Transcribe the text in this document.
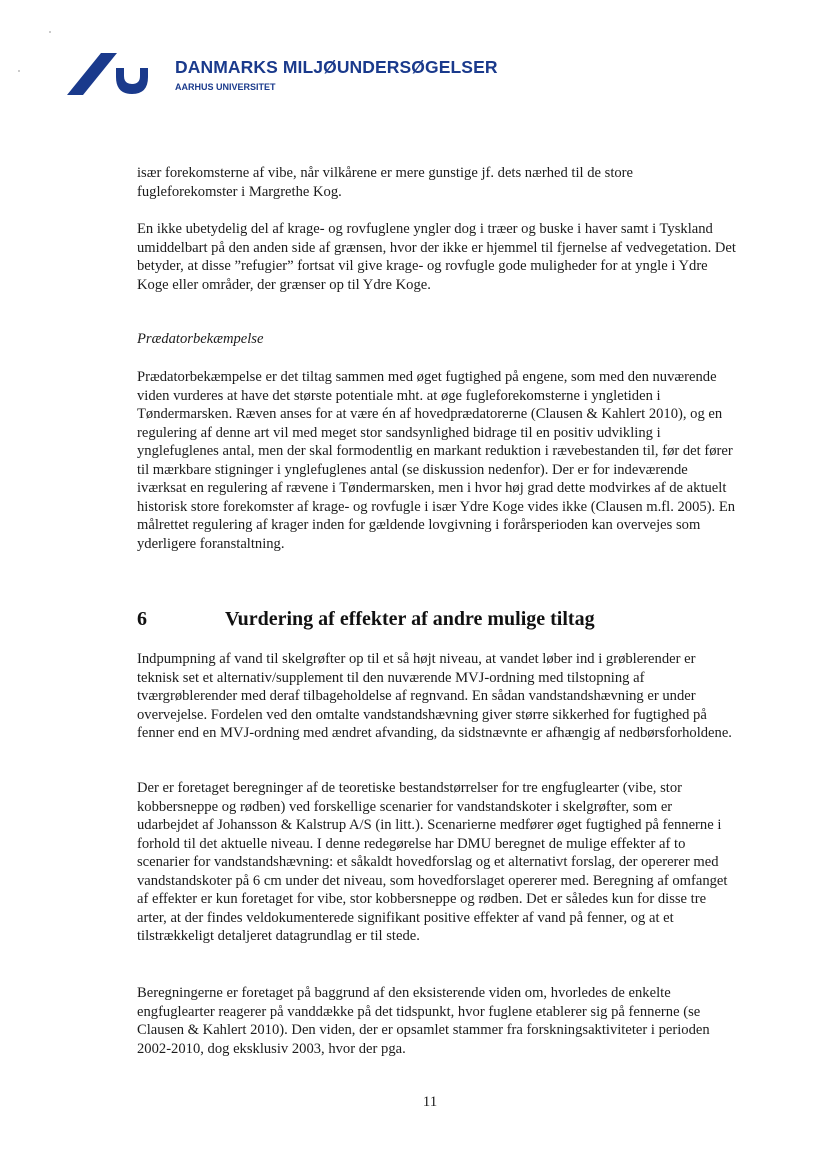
DANMARKS MILJØUNDERSØGELSER
AARHUS UNIVERSITET

især forekomsterne af vibe, når vilkårene er mere gunstige jf. dets nærhed til de store fugleforekomster i Margrethe Kog.

En ikke ubetydelig del af krage- og rovfuglene yngler dog i træer og buske i haver samt i Tyskland umiddelbart på den anden side af grænsen, hvor der ikke er hjemmel til fjernelse af vedvegetation. Det betyder, at disse ”refugier” fortsat vil give krage- og rovfugle gode muligheder for at yngle i Ydre Koge eller områder, der grænser op til Ydre Koge.

Prædatorbekæmpelse

Prædatorbekæmpelse er det tiltag sammen med øget fugtighed på engene, som med den nuværende viden vurderes at have det største potentiale mht. at øge fugleforekomsterne i yngletiden i Tøndermarsken. Ræven anses for at være én af hovedprædatorerne (Clausen & Kahlert 2010), og en regulering af denne art vil med meget stor sandsynlighed bidrage til en positiv udvikling i ynglefuglenes antal, men der skal formodentlig en markant reduktion i rævebestanden til, før det fører til mærkbare stigninger i ynglefuglenes antal (se diskussion nedenfor). Der er for indeværende iværksat en regulering af rævene i Tøndermarsken, men i hvor høj grad dette modvirkes af de aktuelt historisk store forekomster af krage- og rovfugle i især Ydre Koge vides ikke (Clausen m.fl. 2005). En målrettet regulering af krager inden for gældende lovgivning i forårsperioden kan overvejes som yderligere foranstaltning.

6	Vurdering af effekter af andre mulige tiltag

Indpumpning af vand til skelgrøfter op til et så højt niveau, at vandet løber ind i grøblerender er teknisk set et alternativ/supplement til den nuværende MVJ-ordning med tilstopning af tværgrøblerender med deraf tilbageholdelse af regnvand. En sådan vandstandshævning er under overvejelse. Fordelen ved den omtalte vandstandshævning giver større sikkerhed for fugtighed på fenner end en MVJ-ordning med ændret afvanding, da sidstnævnte er afhængig af nedbørsforholdene.

Der er foretaget beregninger af de teoretiske bestandstørrelser for tre engfuglearter (vibe, stor kobbersneppe og rødben) ved forskellige scenarier for vandstandskoter i skelgrøfter, som er udarbejdet af Johansson & Kalstrup A/S (in litt.). Scenarierne medfører øget fugtighed på fennerne i forhold til det aktuelle niveau. I denne redegørelse har DMU beregnet de mulige effekter af to scenarier for vandstandshævning: et såkaldt hovedforslag og et alternativt forslag, der opererer med vandstandskoter på 6 cm under det niveau, som hovedforslaget opererer med. Beregning af omfanget af effekter er kun foretaget for vibe, stor kobbersneppe og rødben. Det er således kun for disse tre arter, at der findes veldokumenterede signifikant positive effekter af vand på fenner, og at et tilstrækkeligt detaljeret datagrundlag er til stede.

Beregningerne er foretaget på baggrund af den eksisterende viden om, hvorledes de enkelte engfuglearter reagerer på vanddække på det tidspunkt, hvor fuglene etablerer sig på fennerne (se Clausen & Kahlert 2010). Den viden, der er opsamlet stammer fra forskningsaktiviteter i perioden 2002-2010, dog eksklusiv 2003, hvor der pga.

11
